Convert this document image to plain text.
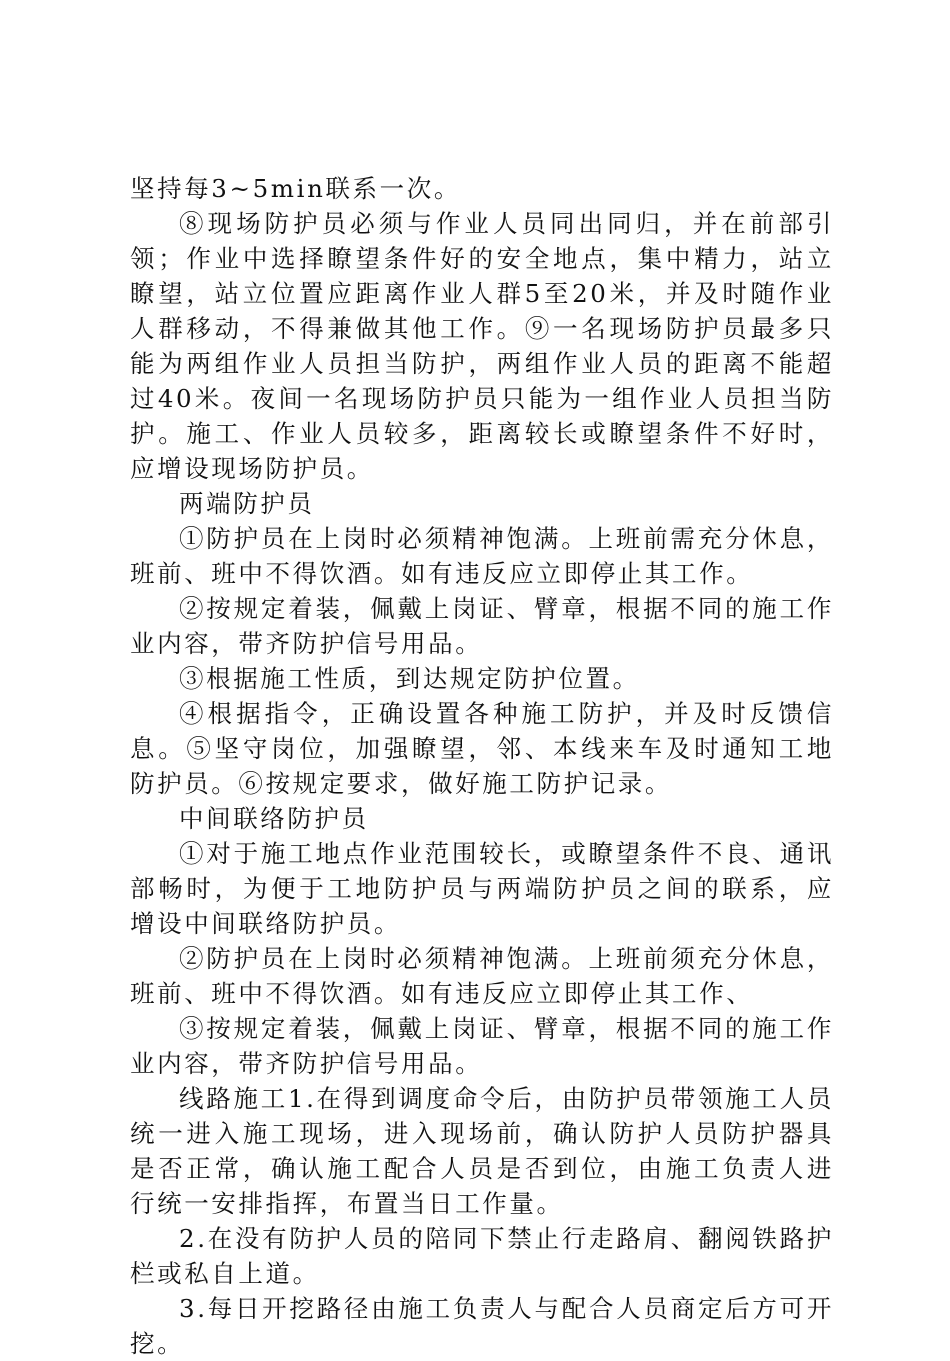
坚持每3~5min联系一次。

⑧现场防护员必须与作业人员同出同归，并在前部引领；作业中选择瞭望条件好的安全地点，集中精力，站立瞭望，站立位置应距离作业人群5至20米，并及时随作业人群移动，不得兼做其他工作。⑨一名现场防护员最多只能为两组作业人员担当防护，两组作业人员的距离不能超过40米。夜间一名现场防护员只能为一组作业人员担当防护。施工、作业人员较多，距离较长或瞭望条件不好时，应增设现场防护员。

两端防护员

①防护员在上岗时必须精神饱满。上班前需充分休息，班前、班中不得饮酒。如有违反应立即停止其工作。

②按规定着装，佩戴上岗证、臂章，根据不同的施工作业内容，带齐防护信号用品。

③根据施工性质，到达规定防护位置。

④根据指令，正确设置各种施工防护，并及时反馈信息。⑤坚守岗位，加强瞭望，邻、本线来车及时通知工地防护员。⑥按规定要求，做好施工防护记录。

中间联络防护员

①对于施工地点作业范围较长，或瞭望条件不良、通讯部畅时，为便于工地防护员与两端防护员之间的联系，应增设中间联络防护员。

②防护员在上岗时必须精神饱满。上班前须充分休息，班前、班中不得饮酒。如有违反应立即停止其工作、

③按规定着装，佩戴上岗证、臂章，根据不同的施工作业内容，带齐防护信号用品。

线路施工1.在得到调度命令后，由防护员带领施工人员统一进入施工现场，进入现场前，确认防护人员防护器具是否正常，确认施工配合人员是否到位，由施工负责人进行统一安排指挥，布置当日工作量。

2.在没有防护人员的陪同下禁止行走路肩、翻阅铁路护栏或私自上道。

3.每日开挖路径由施工负责人与配合人员商定后方可开挖。
